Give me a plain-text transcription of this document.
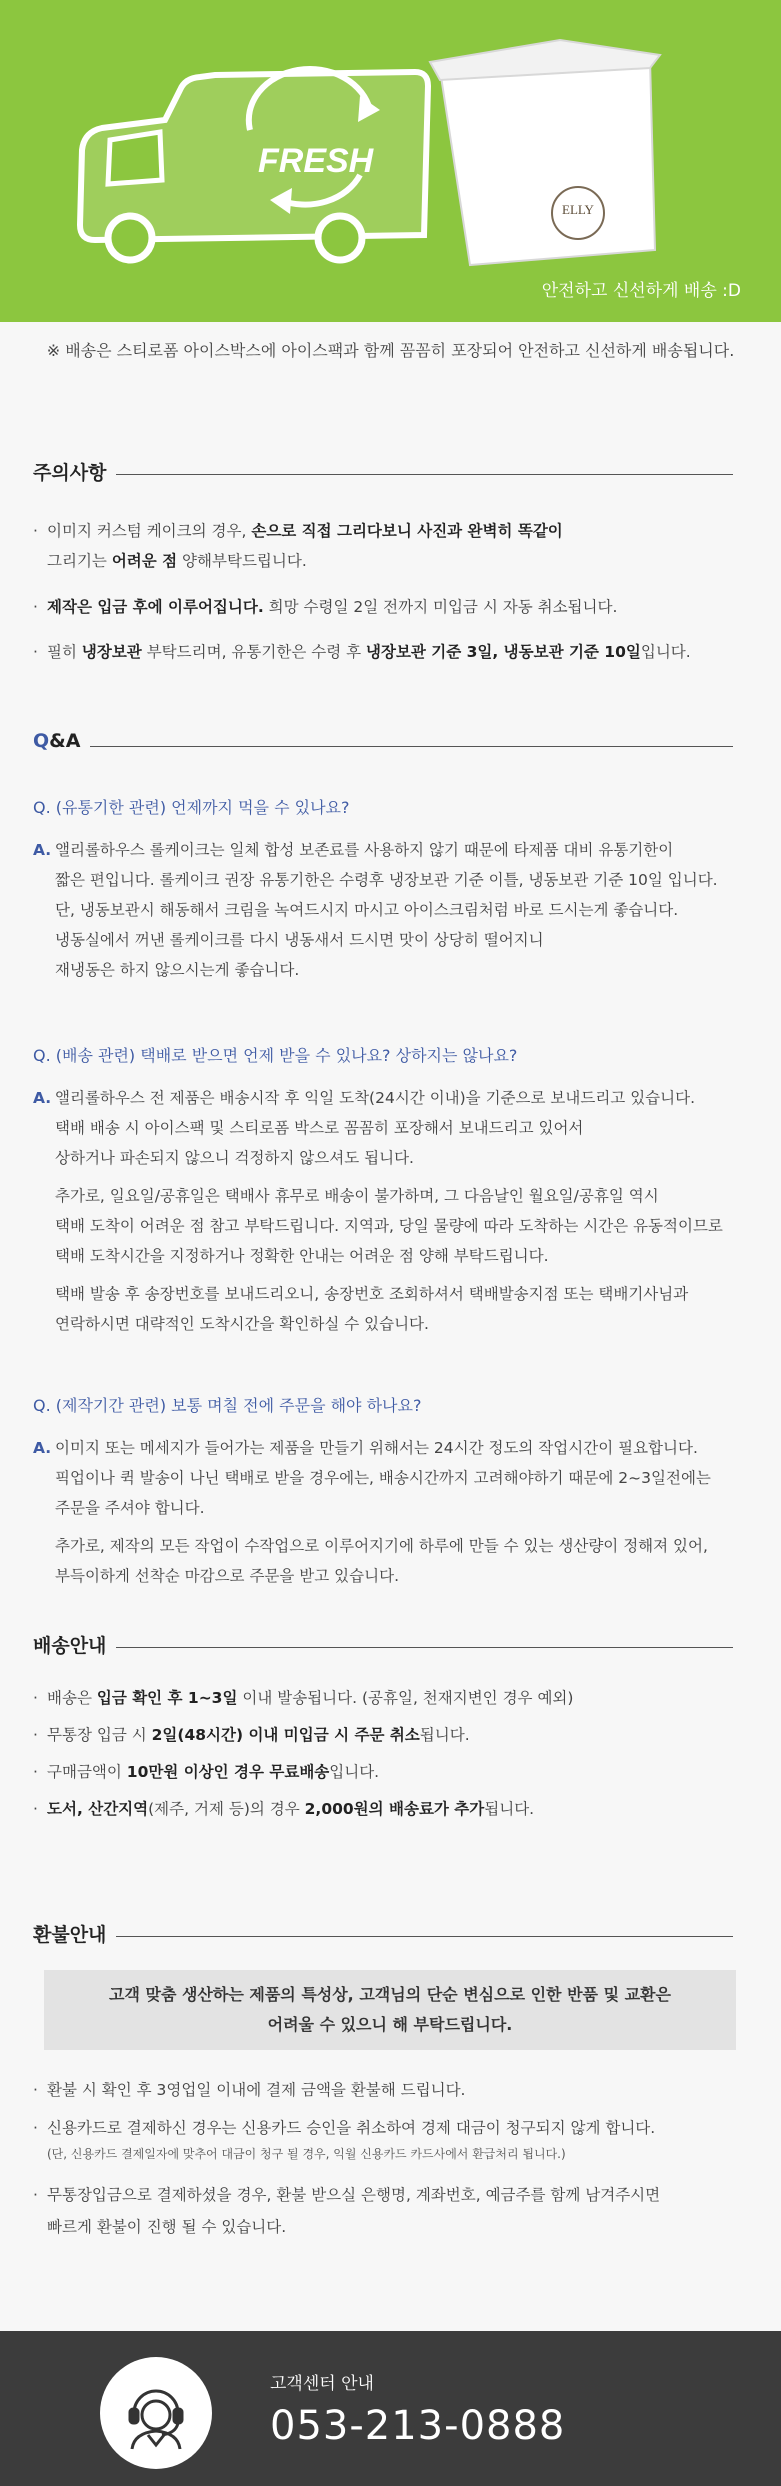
ELLY
FRESH
안전하고 신선하게 배송 :D
※ 배송은 스티로폼 아이스박스에 아이스팩과 함께 꼼꼼히 포장되어 안전하고 신선하게 배송됩니다.
주의사항
· 이미지 커스텀 케이크의 경우, 손으로 직접 그리다보니 사진과 완벽히 똑같이
그리기는 어려운 점 양해부탁드립니다.
· 제작은 입금 후에 이루어집니다. 희망 수령일 2일 전까지 미입금 시 자동 취소됩니다.
· 필히 냉장보관 부탁드리며, 유통기한은 수령 후 냉장보관 기준 3일, 냉동보관 기준 10일입니다.
Q&A
Q. (유통기한 관련) 언제까지 먹을 수 있나요?
A. 앨리롤하우스 롤케이크는 일체 합성 보존료를 사용하지 않기 때문에 타제품 대비 유통기한이
짧은 편입니다. 롤케이크 권장 유통기한은 수령후 냉장보관 기준 이틀, 냉동보관 기준 10일 입니다.
단, 냉동보관시 해동해서 크림을 녹여드시지 마시고 아이스크림처럼 바로 드시는게 좋습니다.
냉동실에서 꺼낸 롤케이크를 다시 냉동새서 드시면 맛이 상당히 떨어지니
재냉동은 하지 않으시는게 좋습니다.
Q. (배송 관련) 택배로 받으면 언제 받을 수 있나요? 상하지는 않나요?
A. 앨리롤하우스 전 제품은 배송시작 후 익일 도착(24시간 이내)을 기준으로 보내드리고 있습니다.
택배 배송 시 아이스팩 및 스티로폼 박스로 꼼꼼히 포장해서 보내드리고 있어서
상하거나 파손되지 않으니 걱정하지 않으셔도 됩니다.
추가로, 일요일/공휴일은 택배사 휴무로 배송이 불가하며, 그 다음날인 월요일/공휴일 역시
택배 도착이 어려운 점 참고 부탁드립니다. 지역과, 당일 물량에 따라 도착하는 시간은 유동적이므로
택배 도착시간을 지정하거나 정확한 안내는 어려운 점 양해 부탁드립니다.
택배 발송 후 송장번호를 보내드리오니, 송장번호 조회하셔서 택배발송지점 또는 택배기사님과
연락하시면 대략적인 도착시간을 확인하실 수 있습니다.
Q. (제작기간 관련) 보통 며칠 전에 주문을 해야 하나요?
A. 이미지 또는 메세지가 들어가는 제품을 만들기 위해서는 24시간 정도의 작업시간이 필요합니다.
픽업이나 퀵 발송이 나닌 택배로 받을 경우에는, 배송시간까지 고려해야하기 때문에 2~3일전에는
주문을 주셔야 합니다.
추가로, 제작의 모든 작업이 수작업으로 이루어지기에 하루에 만들 수 있는 생산량이 정해져 있어,
부득이하게 선착순 마감으로 주문을 받고 있습니다.
배송안내
· 배송은 입금 확인 후 1~3일 이내 발송됩니다. (공휴일, 천재지변인 경우 예외)
· 무통장 입금 시 2일(48시간) 이내 미입금 시 주문 취소됩니다.
· 구매금액이 10만원 이상인 경우 무료배송입니다.
· 도서, 산간지역(제주, 거제 등)의 경우 2,000원의 배송료가 추가됩니다.
환불안내
고객 맞춤 생산하는 제품의 특성상, 고객님의 단순 변심으로 인한 반품 및 교환은
어려울 수 있으니 해 부탁드립니다.
· 환불 시 확인 후 3영업일 이내에 결제 금액을 환불해 드립니다.
· 신용카드로 결제하신 경우는 신용카드 승인을 취소하여 경제 대금이 청구되지 않게 합니다.
(단, 신용카드 결제일자에 맞추어 대금이 청구 될 경우, 익월 신용카드 카드사에서 환급처리 됩니다.)
· 무통장입금으로 결제하셨을 경우, 환불 받으실 은행명, 계좌번호, 예금주를 함께 남겨주시면
빠르게 환불이 진행 될 수 있습니다.
고객센터 안내
053-213-0888
